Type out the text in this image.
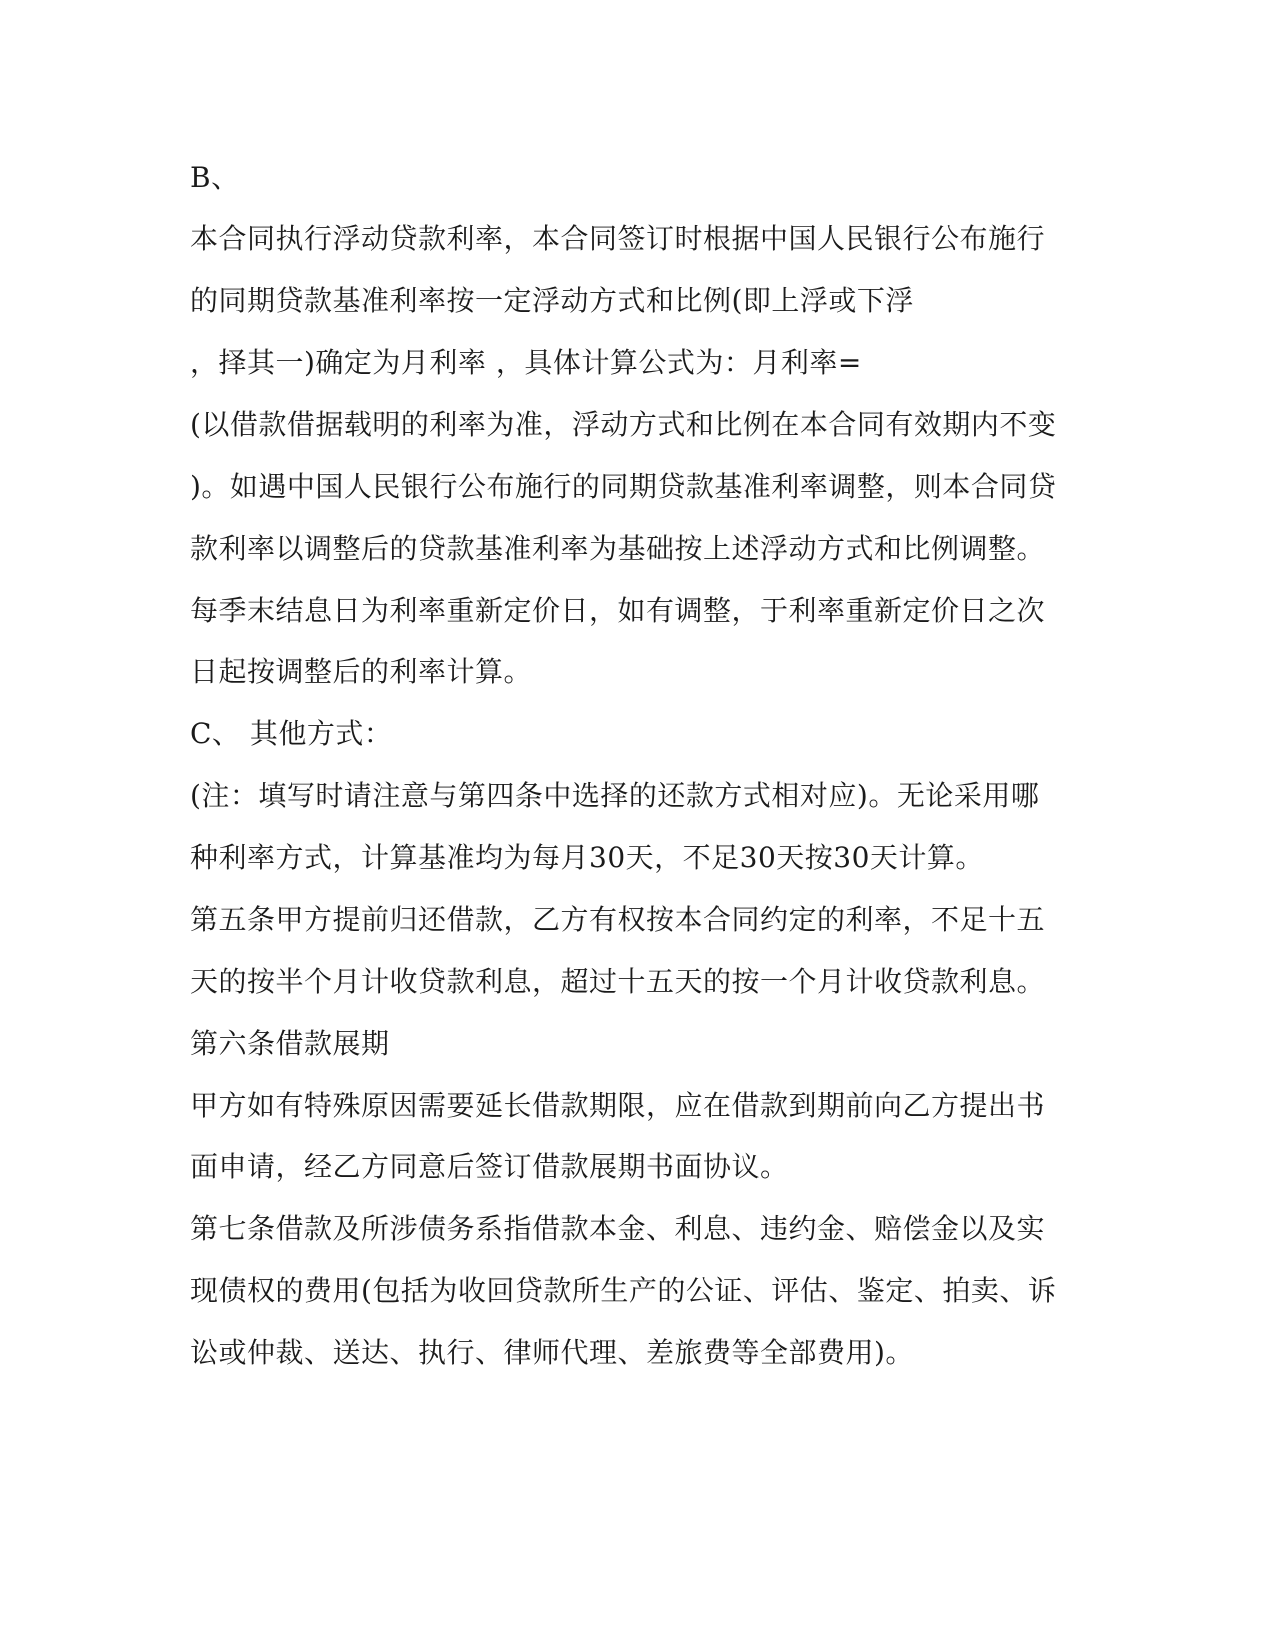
B、
本合同执行浮动贷款利率，本合同签订时根据中国人民银行公布施行
的同期贷款基准利率按一定浮动方式和比例(即上浮或下浮
，择其一)确定为月利率 ，具体计算公式为：月利率=
(以借款借据载明的利率为准，浮动方式和比例在本合同有效期内不变
)。如遇中国人民银行公布施行的同期贷款基准利率调整，则本合同贷
款利率以调整后的贷款基准利率为基础按上述浮动方式和比例调整。
每季末结息日为利率重新定价日，如有调整，于利率重新定价日之次
日起按调整后的利率计算。
C、 其他方式：
(注：填写时请注意与第四条中选择的还款方式相对应)。无论采用哪
种利率方式，计算基准均为每月30天，不足30天按30天计算。
第五条甲方提前归还借款，乙方有权按本合同约定的利率，不足十五
天的按半个月计收贷款利息，超过十五天的按一个月计收贷款利息。
第六条借款展期
甲方如有特殊原因需要延长借款期限，应在借款到期前向乙方提出书
面申请，经乙方同意后签订借款展期书面协议。
第七条借款及所涉债务系指借款本金、利息、违约金、赔偿金以及实
现债权的费用(包括为收回贷款所生产的公证、评估、鉴定、拍卖、诉
讼或仲裁、送达、执行、律师代理、差旅费等全部费用)。
